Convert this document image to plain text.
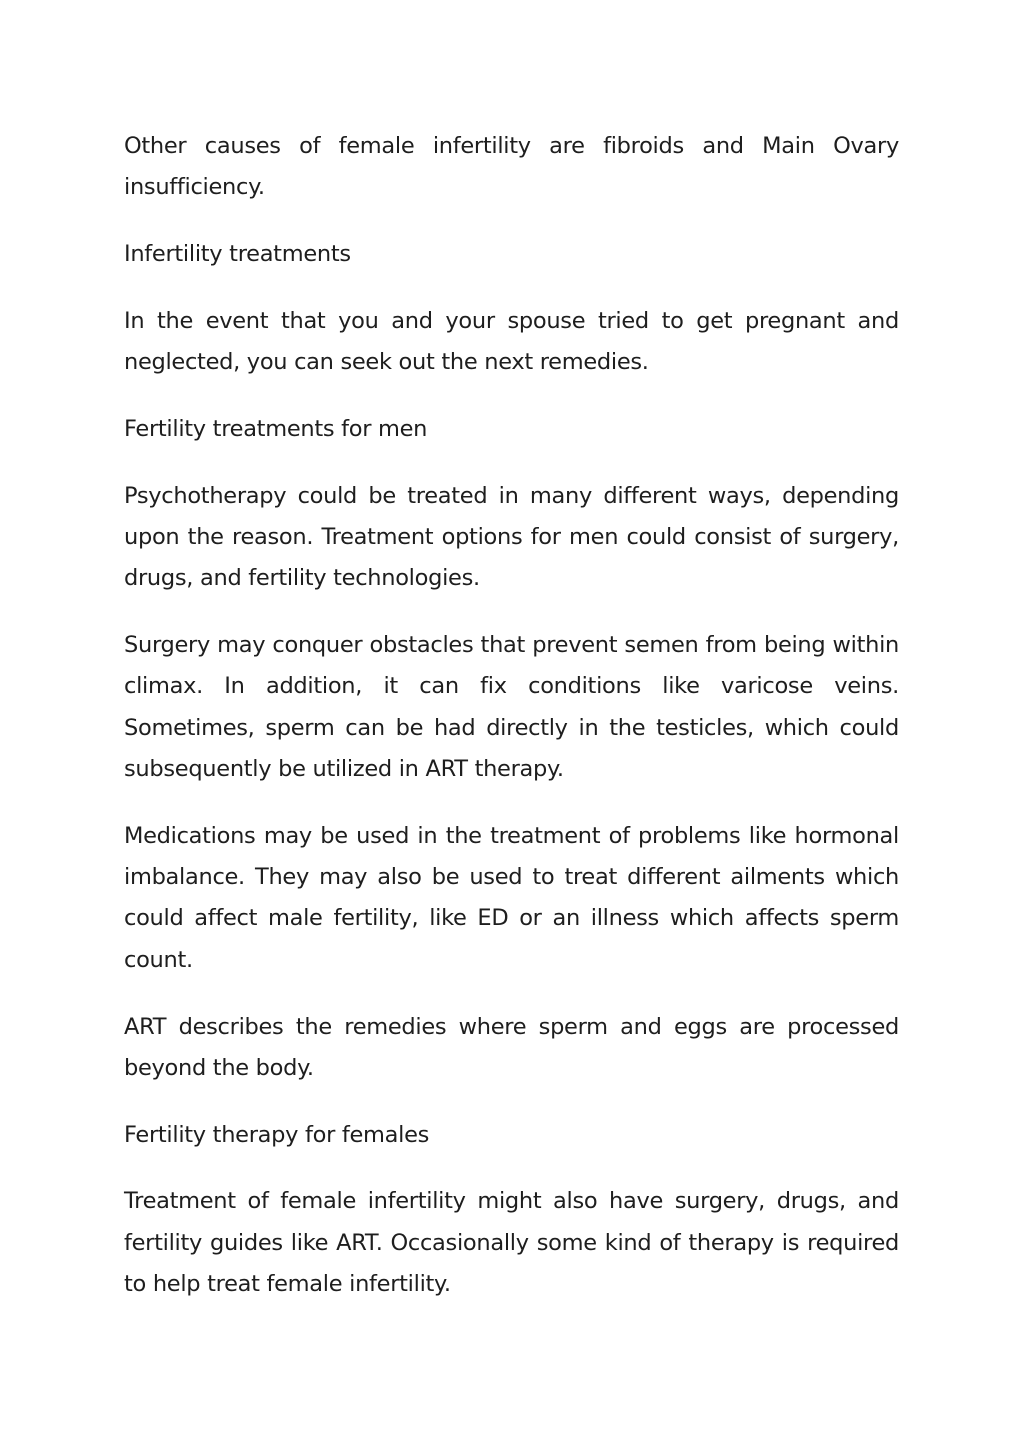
Other causes of female infertility are fibroids and Main Ovary insufficiency.

Infertility treatments

In the event that you and your spouse tried to get pregnant and neglected, you can seek out the next remedies.

Fertility treatments for men

Psychotherapy could be treated in many different ways, depending upon the reason. Treatment options for men could consist of surgery, drugs, and fertility technologies.

Surgery may conquer obstacles that prevent semen from being within climax. In addition, it can fix conditions like varicose veins. Sometimes, sperm can be had directly in the testicles, which could subsequently be utilized in ART therapy.

Medications may be used in the treatment of problems like hormonal imbalance. They may also be used to treat different ailments which could affect male fertility, like ED or an illness which affects sperm count.

ART describes the remedies where sperm and eggs are processed beyond the body.

Fertility therapy for females

Treatment of female infertility might also have surgery, drugs, and fertility guides like ART. Occasionally some kind of therapy is required to help treat female infertility.
